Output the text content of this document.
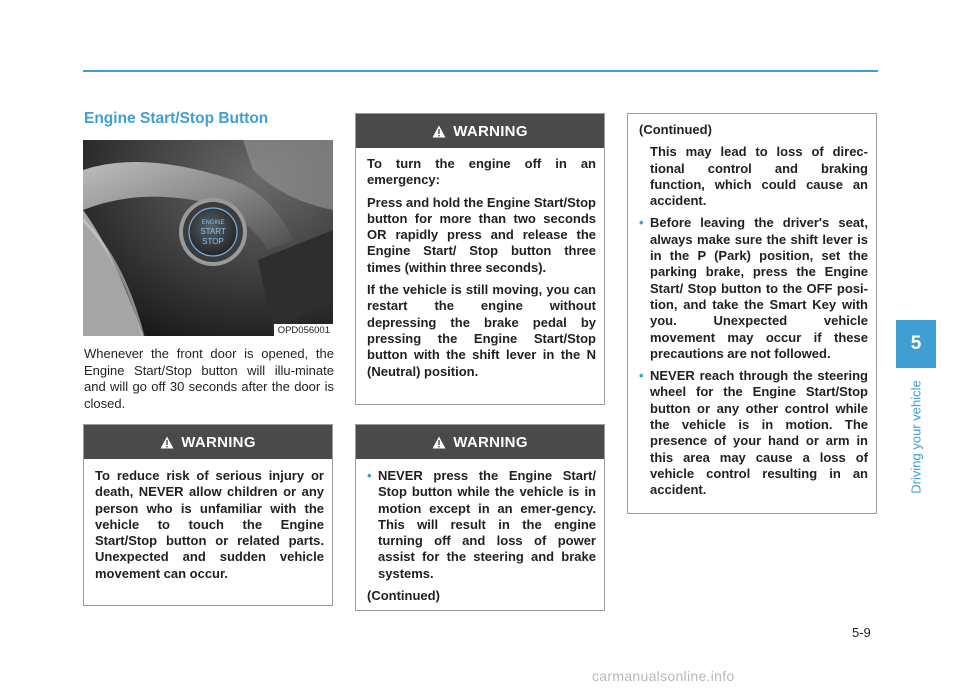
Engine Start/Stop Button
ENGINE
START
STOP
OPD056001

Whenever the front door is opened, the Engine Start/Stop button will illu-minate and will go off 30 seconds after the door is closed.

WARNING

To reduce risk of serious injury or death, NEVER allow children or any person who is unfamiliar with the vehicle to touch the Engine Start/Stop button or related parts. Unexpected and sudden vehicle movement can occur.

WARNING

To turn the engine off in an emergency:

Press and hold the Engine Start/Stop button for more than two seconds OR rapidly press and release the Engine Start/ Stop button three times (within three seconds).

If the vehicle is still moving, you can restart the engine without depressing the brake pedal by pressing the Engine Start/Stop button with the shift lever in the N (Neutral) position.

WARNING

• NEVER press the Engine Start/ Stop button while the vehicle is in motion except in an emer-gency. This will result in the engine turning off and loss of power assist for the steering and brake systems.

(Continued)

(Continued)

This may lead to loss of direc-tional control and braking function, which could cause an accident.

• Before leaving the driver's seat, always make sure the shift lever is in the P (Park) position, set the parking brake, press the Engine Start/ Stop button to the OFF posi-tion, and take the Smart Key with you. Unexpected vehicle movement may occur if these precautions are not followed.

• NEVER reach through the steering wheel for the Engine Start/Stop button or any other control while the vehicle is in motion. The presence of your hand or arm in this area may cause a loss of vehicle control resulting in an accident.

5
Driving your vehicle
5-9
carmanualsonline.info
